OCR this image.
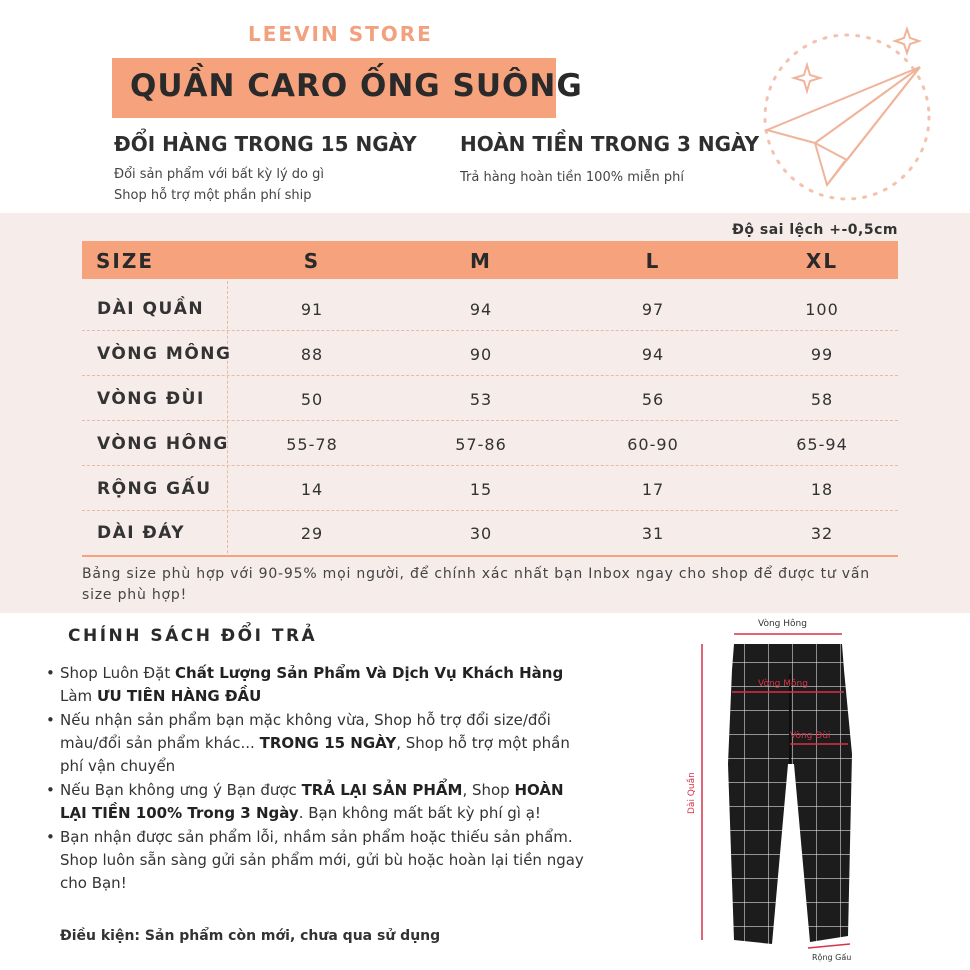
LEEVIN STORE
QUẦN CARO ỐNG SUÔNG
ĐỔI HÀNG TRONG 15 NGÀY
Đổi sản phẩm với bất kỳ lý do gì
Shop hỗ trợ một phần phí ship
HOÀN TIỀN TRONG 3 NGÀY
Trả hàng hoàn tiền 100% miễn phí
Độ sai lệch +-0,5cm
SIZE	S	M	L	XL
DÀI QUẦN	91	94	97	100
VÒNG MÔNG	88	90	94	99
VÒNG ĐÙI	50	53	56	58
VÒNG HÔNG	55-78	57-86	60-90	65-94
RỘNG GẤU	14	15	17	18
DÀI ĐÁY	29	30	31	32
Bảng size phù hợp với 90-95% mọi người, để chính xác nhất bạn Inbox ngay cho shop để được tư vấn size phù hợp!
CHÍNH SÁCH ĐỔI TRẢ
• Shop Luôn Đặt Chất Lượng Sản Phẩm Và Dịch Vụ Khách Hàng Làm ƯU TIÊN HÀNG ĐẦU
• Nếu nhận sản phẩm bạn mặc không vừa, Shop hỗ trợ đổi size/đổi màu/đổi sản phẩm khác... TRONG 15 NGÀY, Shop hỗ trợ một phần phí vận chuyển
• Nếu Bạn không ưng ý Bạn được TRẢ LẠI SẢN PHẨM, Shop HOÀN LẠI TIỀN 100% Trong 3 Ngày. Bạn không mất bất kỳ phí gì ạ!
• Bạn nhận được sản phẩm lỗi, nhầm sản phẩm hoặc thiếu sản phẩm. Shop luôn sẵn sàng gửi sản phẩm mới, gửi bù hoặc hoàn lại tiền ngay cho Bạn!
Điều kiện: Sản phẩm còn mới, chưa qua sử dụng
Vòng Hông
Vòng Mông
Vòng Đùi
Dài Quần
Rộng Gấu
